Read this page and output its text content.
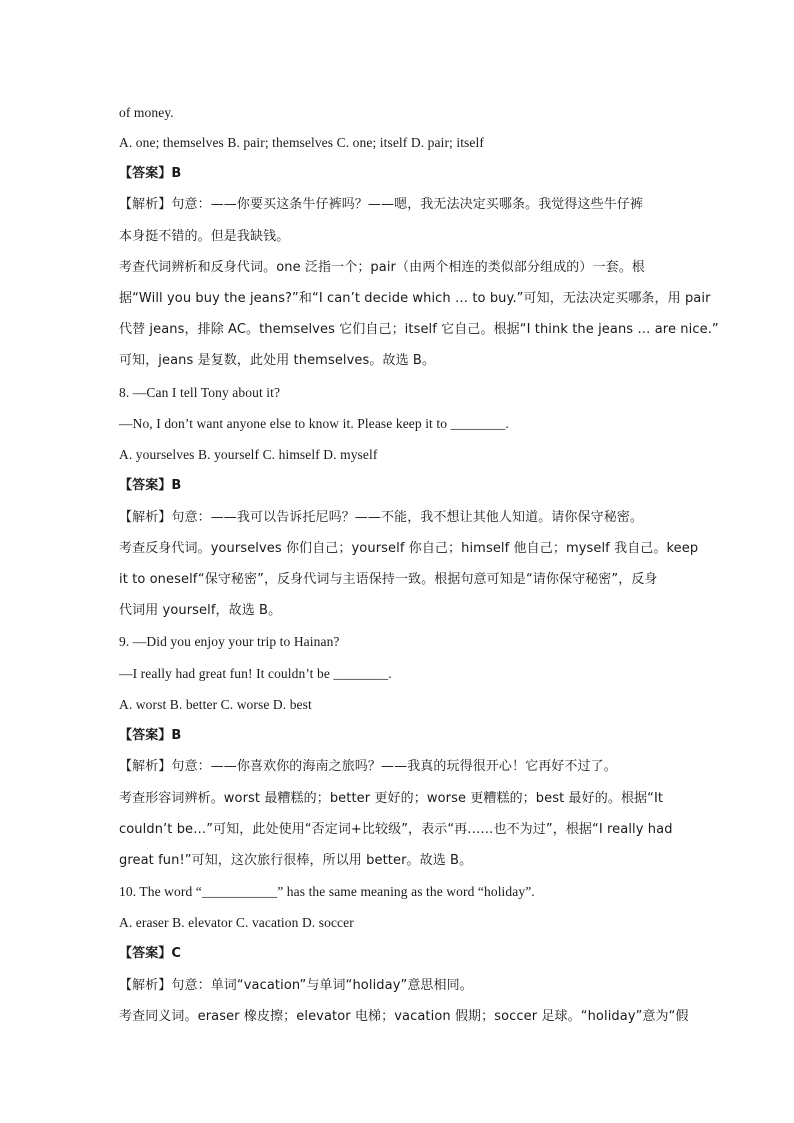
of money.
A. one; themselves B. pair; themselves C. one; itself D. pair; itself
【答案】B
【解析】句意：——你要买这条牛仔裤吗？——嗯，我无法决定买哪条。我觉得这些牛仔裤
本身挺不错的。但是我缺钱。
考查代词辨析和反身代词。one 泛指一个；pair（由两个相连的类似部分组成的）一套。根
据“Will you buy the jeans?”和“I can’t decide which … to buy.”可知，无法决定买哪条，用 pair
代替 jeans，排除 AC。themselves 它们自己；itself 它自己。根据“I think the jeans … are nice.”
可知，jeans 是复数，此处用 themselves。故选 B。
8. —Can I tell Tony about it?
—No, I don’t want anyone else to know it. Please keep it to ________.
A. yourselves B. yourself C. himself D. myself
【答案】B
【解析】句意：——我可以告诉托尼吗？——不能，我不想让其他人知道。请你保守秘密。
考查反身代词。yourselves 你们自己；yourself 你自己；himself 他自己；myself 我自己。keep
it to oneself“保守秘密”，反身代词与主语保持一致。根据句意可知是“请你保守秘密”，反身
代词用 yourself，故选 B。
9. —Did you enjoy your trip to Hainan?
—I really had great fun! It couldn’t be ________.
A. worst B. better C. worse D. best
【答案】B
【解析】句意：——你喜欢你的海南之旅吗？——我真的玩得很开心！它再好不过了。
考查形容词辨析。worst 最糟糕的；better 更好的；worse 更糟糕的；best 最好的。根据“It
couldn’t be…”可知，此处使用“否定词+比较级”，表示“再……也不为过”，根据“I really had
great fun!”可知，这次旅行很棒，所以用 better。故选 B。
10. The word “___________” has the same meaning as the word “holiday”.
A. eraser B. elevator C. vacation D. soccer
【答案】C
【解析】句意：单词“vacation”与单词“holiday”意思相同。
考查同义词。eraser 橡皮擦；elevator 电梯；vacation 假期；soccer 足球。“holiday”意为“假
